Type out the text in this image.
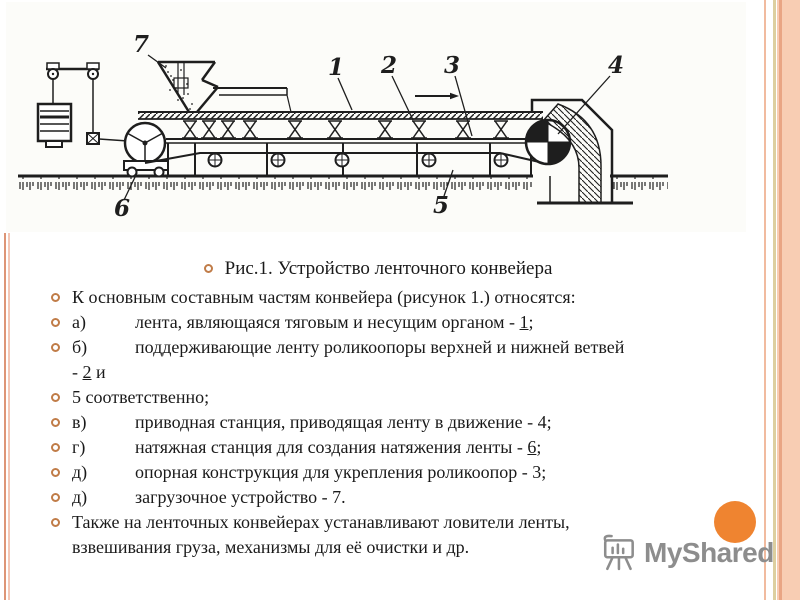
7
1 2 3	4
5
6
Рис.1. Устройство ленточного конвейера
К основным составным частям конвейера (рисунок 1.) относятся:
а)	лента, являющаяся тяговым и несущим органом - 1;
б)	поддерживающие ленту роликоопоры верхней и нижней ветвей
- 2 и
5 соответственно;
в)	приводная станция, приводящая ленту в движение - 4;
г)	натяжная станция для создания натяжения ленты - 6;
д)	опорная конструкция для укрепления роликоопор - 3;
д)	загрузочное устройство - 7.
Также на ленточных конвейерах устанавливают ловители ленты,
взвешивания груза, механизмы для её очистки и др.	MyShared
